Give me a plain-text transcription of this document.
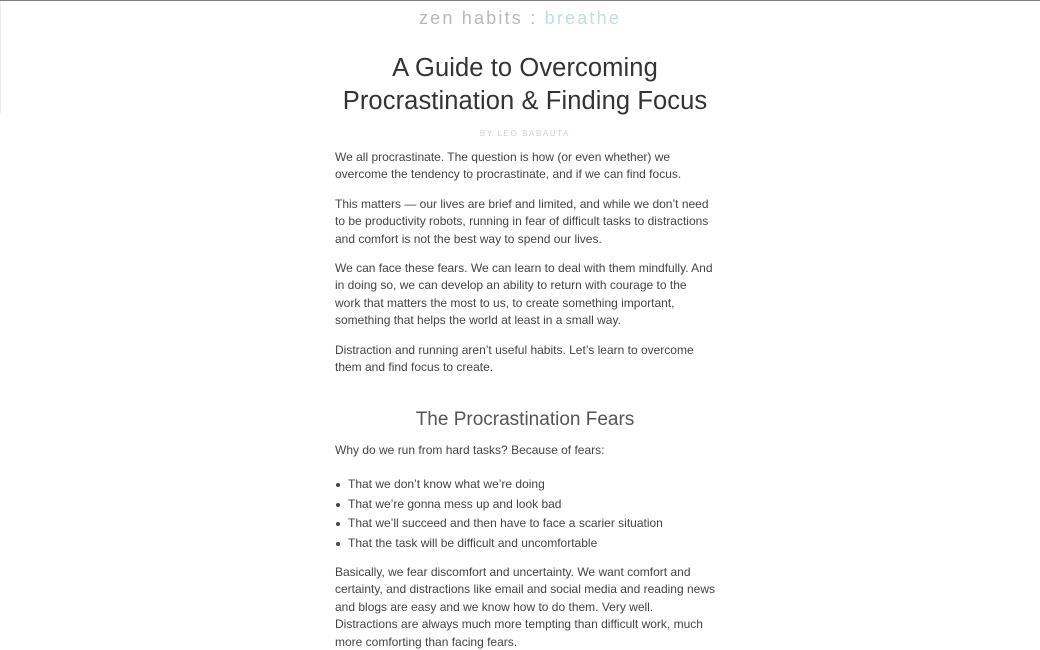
zen habits : breathe
A Guide to Overcoming Procrastination & Finding Focus
BY LEO BABAUTA

We all procrastinate. The question is how (or even whether) we overcome the tendency to procrastinate, and if we can find focus.

This matters — our lives are brief and limited, and while we don’t need to be productivity robots, running in fear of difficult tasks to distractions and comfort is not the best way to spend our lives.

We can face these fears. We can learn to deal with them mindfully. And in doing so, we can develop an ability to return with courage to the work that matters the most to us, to create something important, something that helps the world at least in a small way.

Distraction and running aren’t useful habits. Let’s learn to overcome them and find focus to create.

The Procrastination Fears

Why do we run from hard tasks? Because of fears:

That we don’t know what we’re doing
That we’re gonna mess up and look bad
That we’ll succeed and then have to face a scarier situation
That the task will be difficult and uncomfortable

Basically, we fear discomfort and uncertainty. We want comfort and certainty, and distractions like email and social media and reading news and blogs are easy and we know how to do them. Very well. Distractions are always much more tempting than difficult work, much more comforting than facing fears.
